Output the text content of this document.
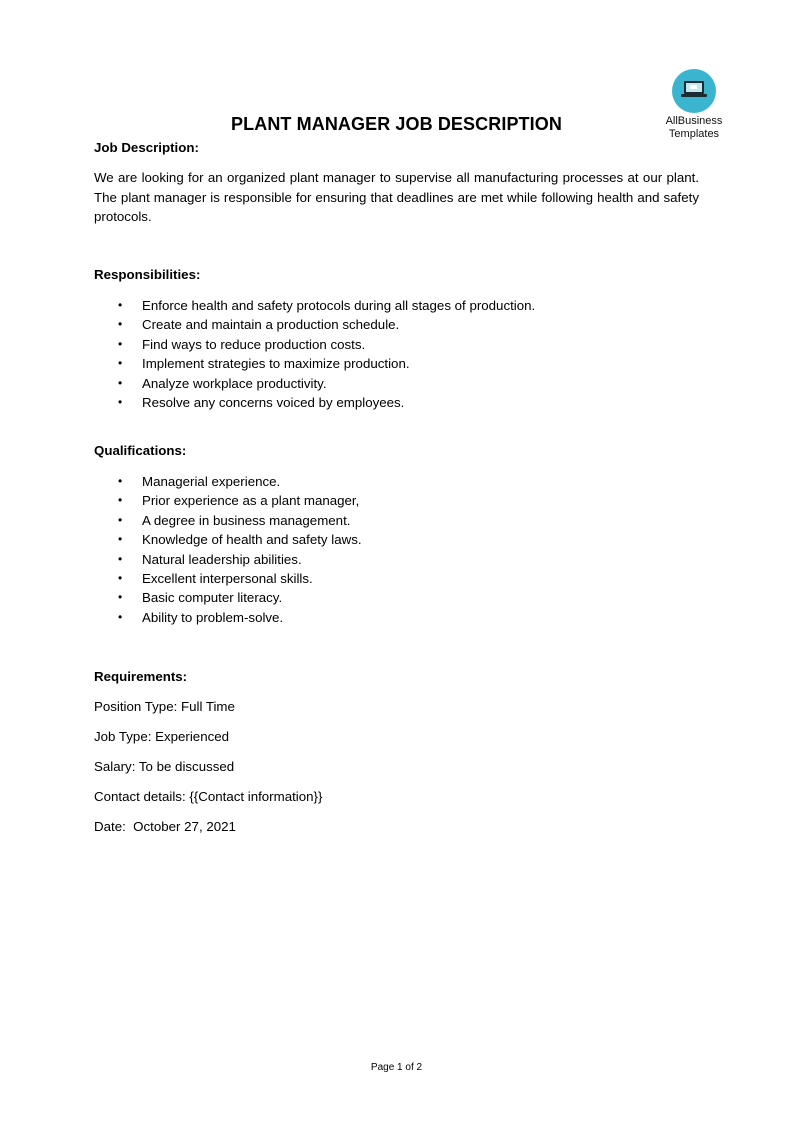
AllBusiness
Templates
PLANT MANAGER JOB DESCRIPTION
Job Description:
We are looking for an organized plant manager to supervise all manufacturing processes at our plant. The plant manager is responsible for ensuring that deadlines are met while following health and safety protocols.
Responsibilities:
• Enforce health and safety protocols during all stages of production.
• Create and maintain a production schedule.
• Find ways to reduce production costs.
• Implement strategies to maximize production.
• Analyze workplace productivity.
• Resolve any concerns voiced by employees.
Qualifications:
• Managerial experience.
• Prior experience as a plant manager,
• A degree in business management.
• Knowledge of health and safety laws.
• Natural leadership abilities.
• Excellent interpersonal skills.
• Basic computer literacy.
• Ability to problem-solve.
Requirements:
Position Type: Full Time
Job Type: Experienced
Salary: To be discussed
Contact details: {{Contact information}}
Date:  October 27, 2021
Page 1 of 2
